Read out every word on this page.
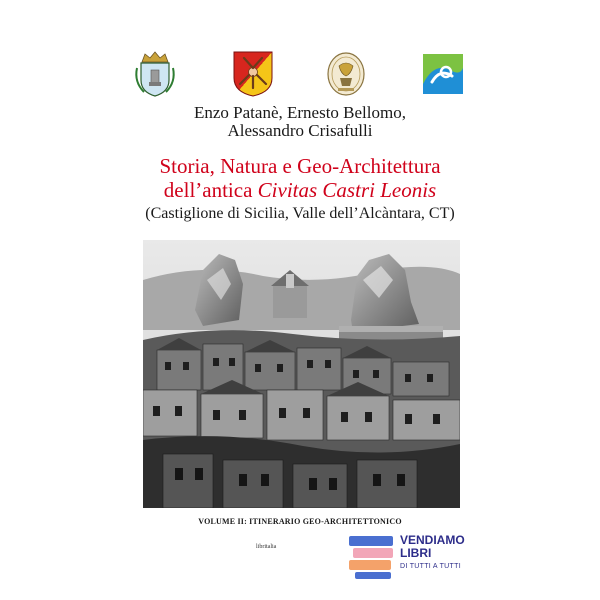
Enzo Patanè, Ernesto Bellomo,
Alessandro Crisafulli
Storia, Natura e Geo-Architettura
dell’antica Civitas Castri Leonis
(Castiglione di Sicilia, Valle dell’Alcàntara, CT)
VOLUME II: ITINERARIO GEO-ARCHITETTONICO
libritalia	VENDIAMO
LIBRI
DI TUTTI A TUTTI
